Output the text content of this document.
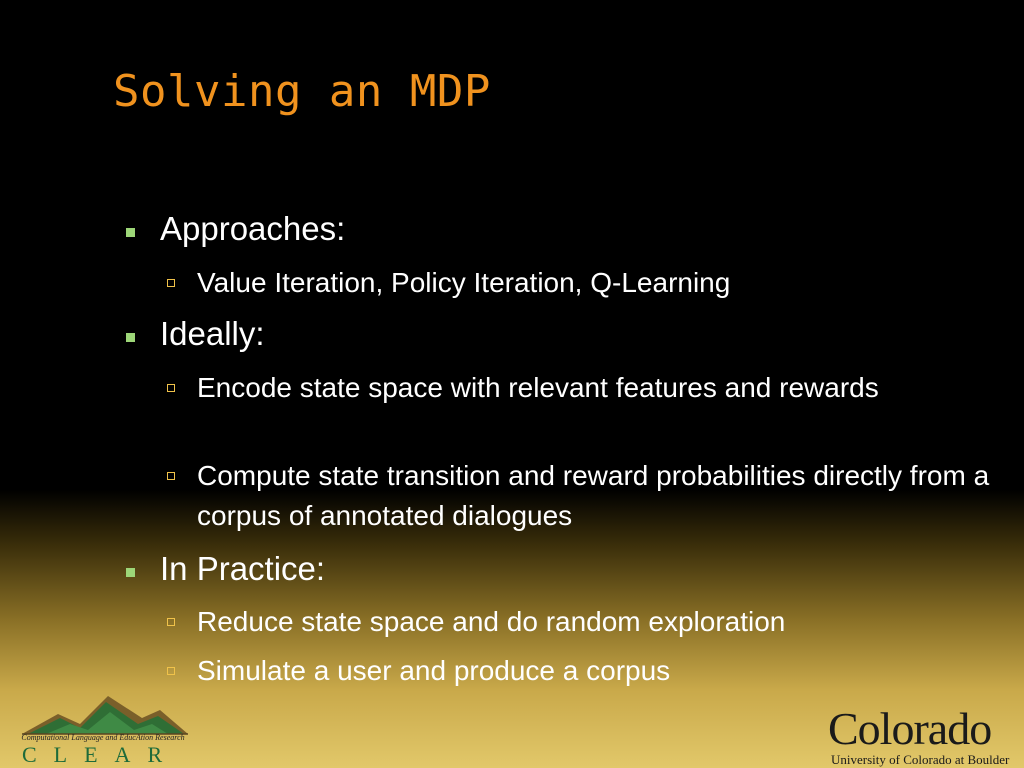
Solving an MDP
Approaches:
Value Iteration, Policy Iteration, Q-Learning
Ideally:
Encode state space with relevant features and rewards
Compute state transition and reward probabilities directly from a corpus of annotated dialogues
In Practice:
Reduce state space and do random exploration
Simulate a user and produce a corpus
Computational Language and EducAtion Research
CLEAR
Colorado
University of Colorado at Boulder
